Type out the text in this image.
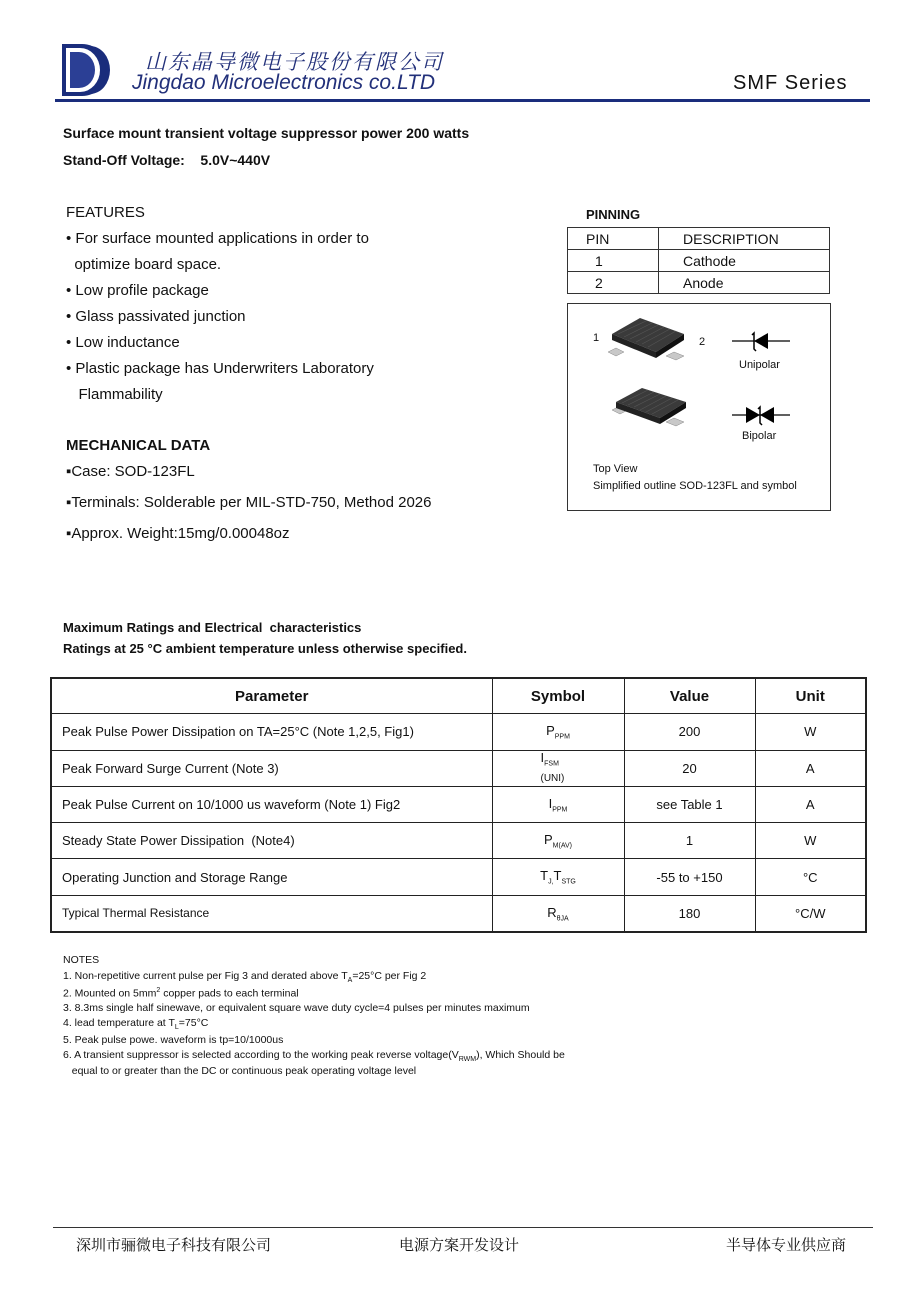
山东晶导微电子股份有限公司
Jingdao Microelectronics co.LTD	SMF Series
Surface mount transient voltage suppressor power 200 watts
Stand-Off Voltage:    5.0V~440V
FEATURES
• For surface mounted applications in order to
optimize board space.
• Low profile package
• Glass passivated junction
• Low inductance
• Plastic package has Underwriters Laboratory
Flammability
MECHANICAL DATA
▪Case: SOD-123FL
▪Terminals: Solderable per MIL-STD-750, Method 2026
▪Approx. Weight:15mg/0.00048oz
PINNING
PIN	DESCRIPTION
1	Cathode
2	Anode
1	2
Unipolar
Bipolar
Top View
Simplified outline SOD-123FL and symbol
Maximum Ratings and Electrical  characteristics
Ratings at 25 °C ambient temperature unless otherwise specified.
Parameter	Symbol	Value	Unit
Peak Pulse Power Dissipation on TA=25°C (Note 1,2,5, Fig1)	$P_{PPM}$	200	W
Peak Forward Surge Current (Note 3)	$I_{FSM}$
(UNI)	20	A
Peak Pulse Current on 10/1000 us waveform (Note 1) Fig2	$I_{PPM}$	see Table 1	A
Steady State Power Dissipation  (Note4)	$P_{M(AV)}$	1	W
Operating Junction and Storage Range	$T_{J,}T_{STG}$	-55 to +150	°C
Typical Thermal Resistance	$R_{\theta JA}$	180	°C/W
NOTES
1. Non-repetitive current pulse per Fig 3 and derated above $T_A=25^\circ C$ per Fig 2
2. Mounted on $5mm^2$ copper pads to each terminal
3. 8.3ms single half sinewave, or equivalent square wave duty cycle=4 pulses per minutes maximum
4. lead temperature at $T_L=75^\circ C$
5. Peak pulse powe. waveform is tp=10/1000us
6. A transient suppressor is selected according to the working peak reverse $voltage(V_{RWM})$, Which Should be
equal to or greater than the DC or continuous peak operating voltage level
深圳市骊微电子科技有限公司	电源方案开发设计	半导体专业供应商
